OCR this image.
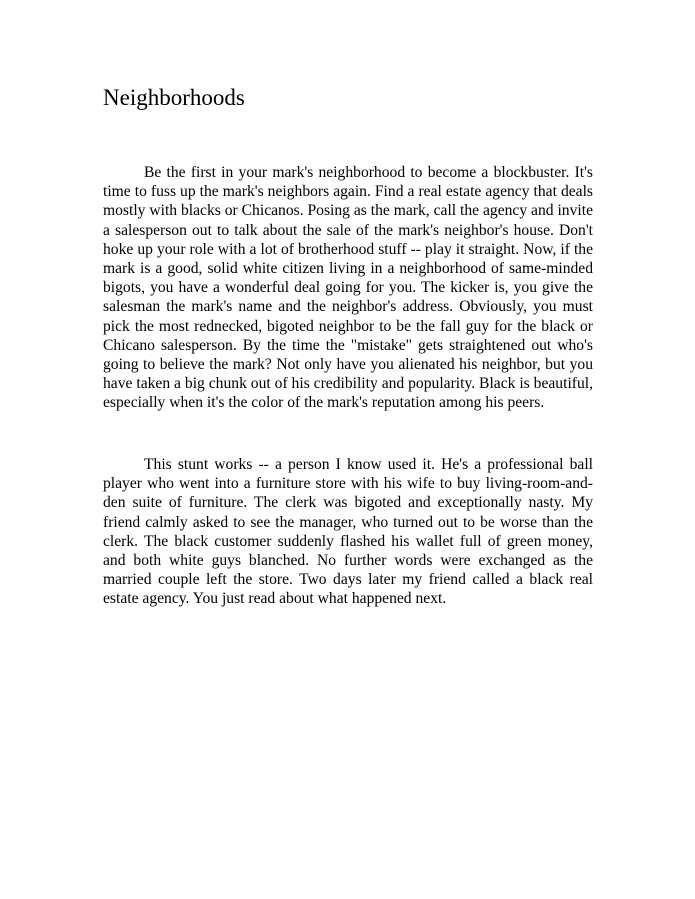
Neighborhoods

Be the first in your mark's neighborhood to become a blockbuster. It's time to fuss up the mark's neighbors again. Find a real estate agency that deals mostly with blacks or Chicanos. Posing as the mark, call the agency and invite a salesperson out to talk about the sale of the mark's neighbor's house. Don't hoke up your role with a lot of brotherhood stuff -- play it straight. Now, if the mark is a good, solid white citizen living in a neighborhood of same-minded bigots, you have a wonderful deal going for you. The kicker is, you give the salesman the mark's name and the neighbor's address. Obviously, you must pick the most rednecked, bigoted neighbor to be the fall guy for the black or Chicano salesperson. By the time the "mistake" gets straightened out who's going to believe the mark? Not only have you alienated his neighbor, but you have taken a big chunk out of his credibility and popularity. Black is beautiful, especially when it's the color of the mark's reputation among his peers.

This stunt works -- a person I know used it. He's a professional ball player who went into a furniture store with his wife to buy living-room-and-den suite of furniture. The clerk was bigoted and exceptionally nasty. My friend calmly asked to see the manager, who turned out to be worse than the clerk. The black customer suddenly flashed his wallet full of green money, and both white guys blanched. No further words were exchanged as the married couple left the store. Two days later my friend called a black real estate agency. You just read about what happened next.
